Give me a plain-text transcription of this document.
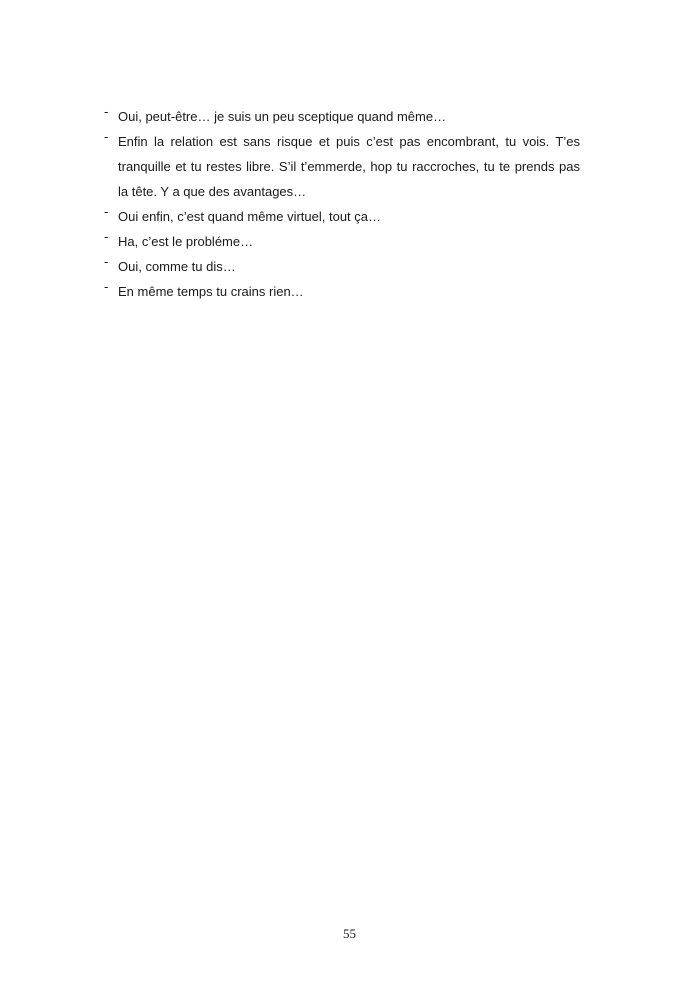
- Oui, peut-être… je suis un peu sceptique quand même…
- Enfin la relation est sans risque et puis c’est pas encombrant, tu vois. T’es tranquille et tu restes libre. S’il t’emmerde, hop tu raccroches, tu te prends pas la tête. Y a que des avantages…
- Oui enfin, c’est quand même virtuel, tout ça…
- Ha, c’est le probléme…
- Oui, comme tu dis…
- En même temps tu crains rien…
55
